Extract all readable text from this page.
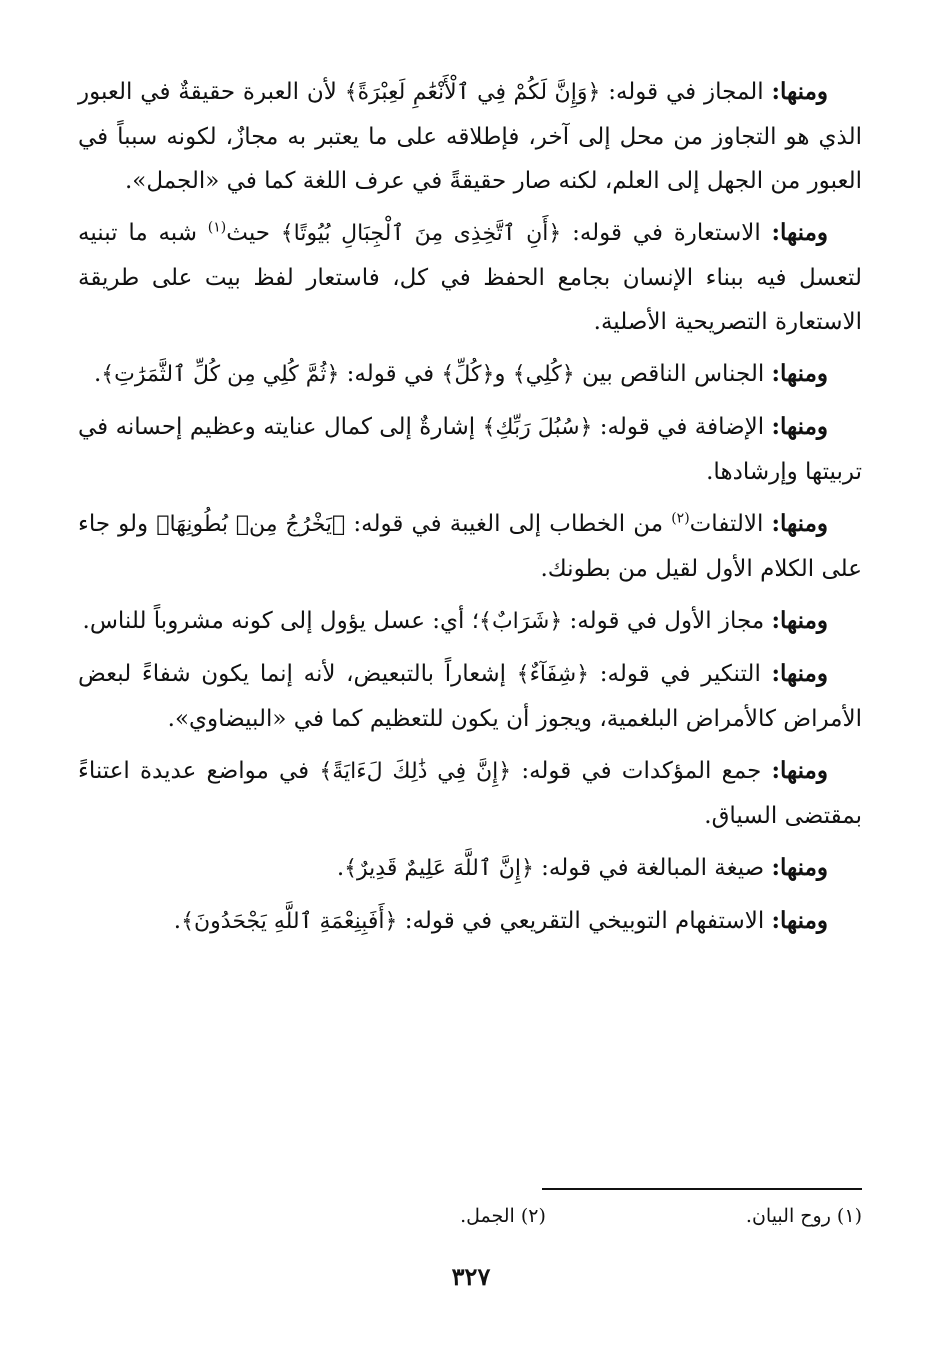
ومنها: المجاز في قوله: ﴿وَإِنَّ لَكُمْ فِي ٱلْأَنْعَٰمِ لَعِبْرَةً﴾ لأن العبرة حقيقةٌ في العبور الذي هو التجاوز من محل إلى آخر، فإطلاقه على ما يعتبر به مجازٌ، لكونه سبباً في العبور من الجهل إلى العلم، لكنه صار حقيقةً في عرف اللغة كما في «الجمل».

ومنها: الاستعارة في قوله: ﴿أَنِ ٱتَّخِذِى مِنَ ٱلْجِبَالِ بُيُوتًا﴾ حيث$^{(١)}$ شبه ما تبنيه لتعسل فيه ببناء الإنسان بجامع الحفظ في كل، فاستعار لفظ بيت على طريقة الاستعارة التصريحية الأصلية.

ومنها: الجناس الناقص بين ﴿كُلِي﴾ و﴿كُلِّ﴾ في قوله: ﴿ثُمَّ كُلِي مِن كُلِّ ٱلثَّمَرَٰتِ﴾.

ومنها: الإضافة في قوله: ﴿سُبُلَ رَبِّكِ﴾ إشارةٌ إلى كمال عنايته وعظيم إحسانه في تربيتها وإرشادها.

ومنها: الالتفات$^{(٢)}$ من الخطاب إلى الغيبة في قوله: ﴿يَخْرُجُ مِنۢ بُطُونِهَا﴾ ولو جاء على الكلام الأول لقيل من بطونك.

ومنها: مجاز الأول في قوله: ﴿شَرَابٌ﴾؛ أي: عسل يؤول إلى كونه مشروباً للناس.

ومنها: التنكير في قوله: ﴿شِفَآءٌ﴾ إشعاراً بالتبعيض، لأنه إنما يكون شفاءً لبعض الأمراض كالأمراض البلغمية، ويجوز أن يكون للتعظيم كما في «البيضاوي».

ومنها: جمع المؤكدات في قوله: ﴿إِنَّ فِي ذَٰلِكَ لَءَايَةً﴾ في مواضع عديدة اعتناءً بمقتضى السياق.

ومنها: صيغة المبالغة في قوله: ﴿إِنَّ ٱللَّهَ عَلِيمٌ قَدِيرٌ﴾.

ومنها: الاستفهام التوبيخي التقريعي في قوله: ﴿أَفَبِنِعْمَةِ ٱللَّهِ يَجْحَدُونَ﴾.

(١) روح البيان.
(٢) الجمل.
٣٢٧
